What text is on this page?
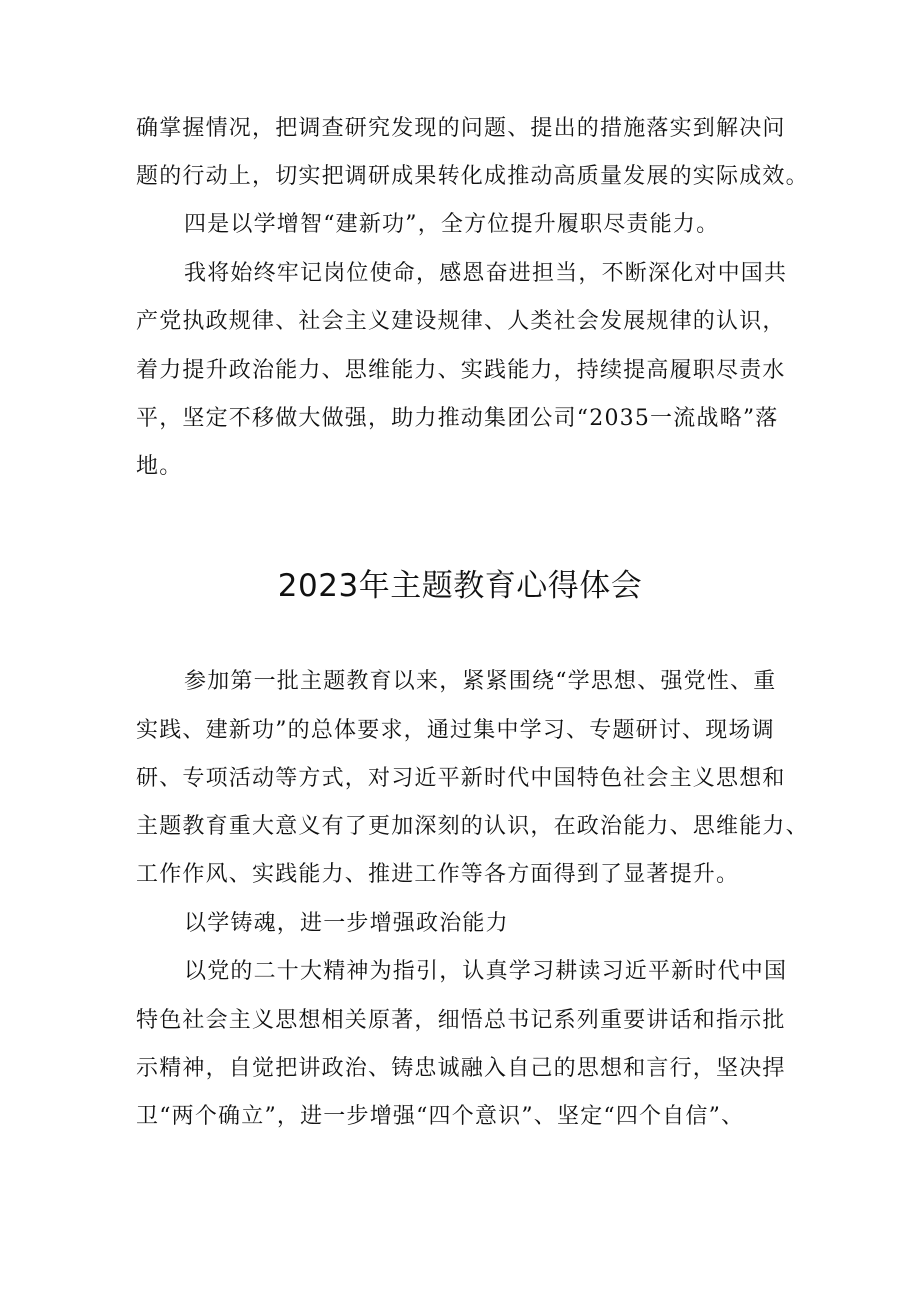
确掌握情况，把调查研究发现的问题、提出的措施落实到解决问
题的行动上，切实把调研成果转化成推动高质量发展的实际成效。
四是以学增智“建新功”，全方位提升履职尽责能力。
我将始终牢记岗位使命，感恩奋进担当，不断深化对中国共
产党执政规律、社会主义建设规律、人类社会发展规律的认识，
着力提升政治能力、思维能力、实践能力，持续提高履职尽责水
平，坚定不移做大做强，助力推动集团公司“2035一流战略”落
地。
2023年主题教育心得体会
参加第一批主题教育以来，紧紧围绕“学思想、强党性、重
实践、建新功”的总体要求，通过集中学习、专题研讨、现场调
研、专项活动等方式，对习近平新时代中国特色社会主义思想和
主题教育重大意义有了更加深刻的认识，在政治能力、思维能力、
工作作风、实践能力、推进工作等各方面得到了显著提升。
以学铸魂，进一步增强政治能力
以党的二十大精神为指引，认真学习耕读习近平新时代中国
特色社会主义思想相关原著，细悟总书记系列重要讲话和指示批
示精神，自觉把讲政治、铸忠诚融入自己的思想和言行，坚决捍
卫“两个确立”，进一步增强“四个意识”、坚定“四个自信”、
